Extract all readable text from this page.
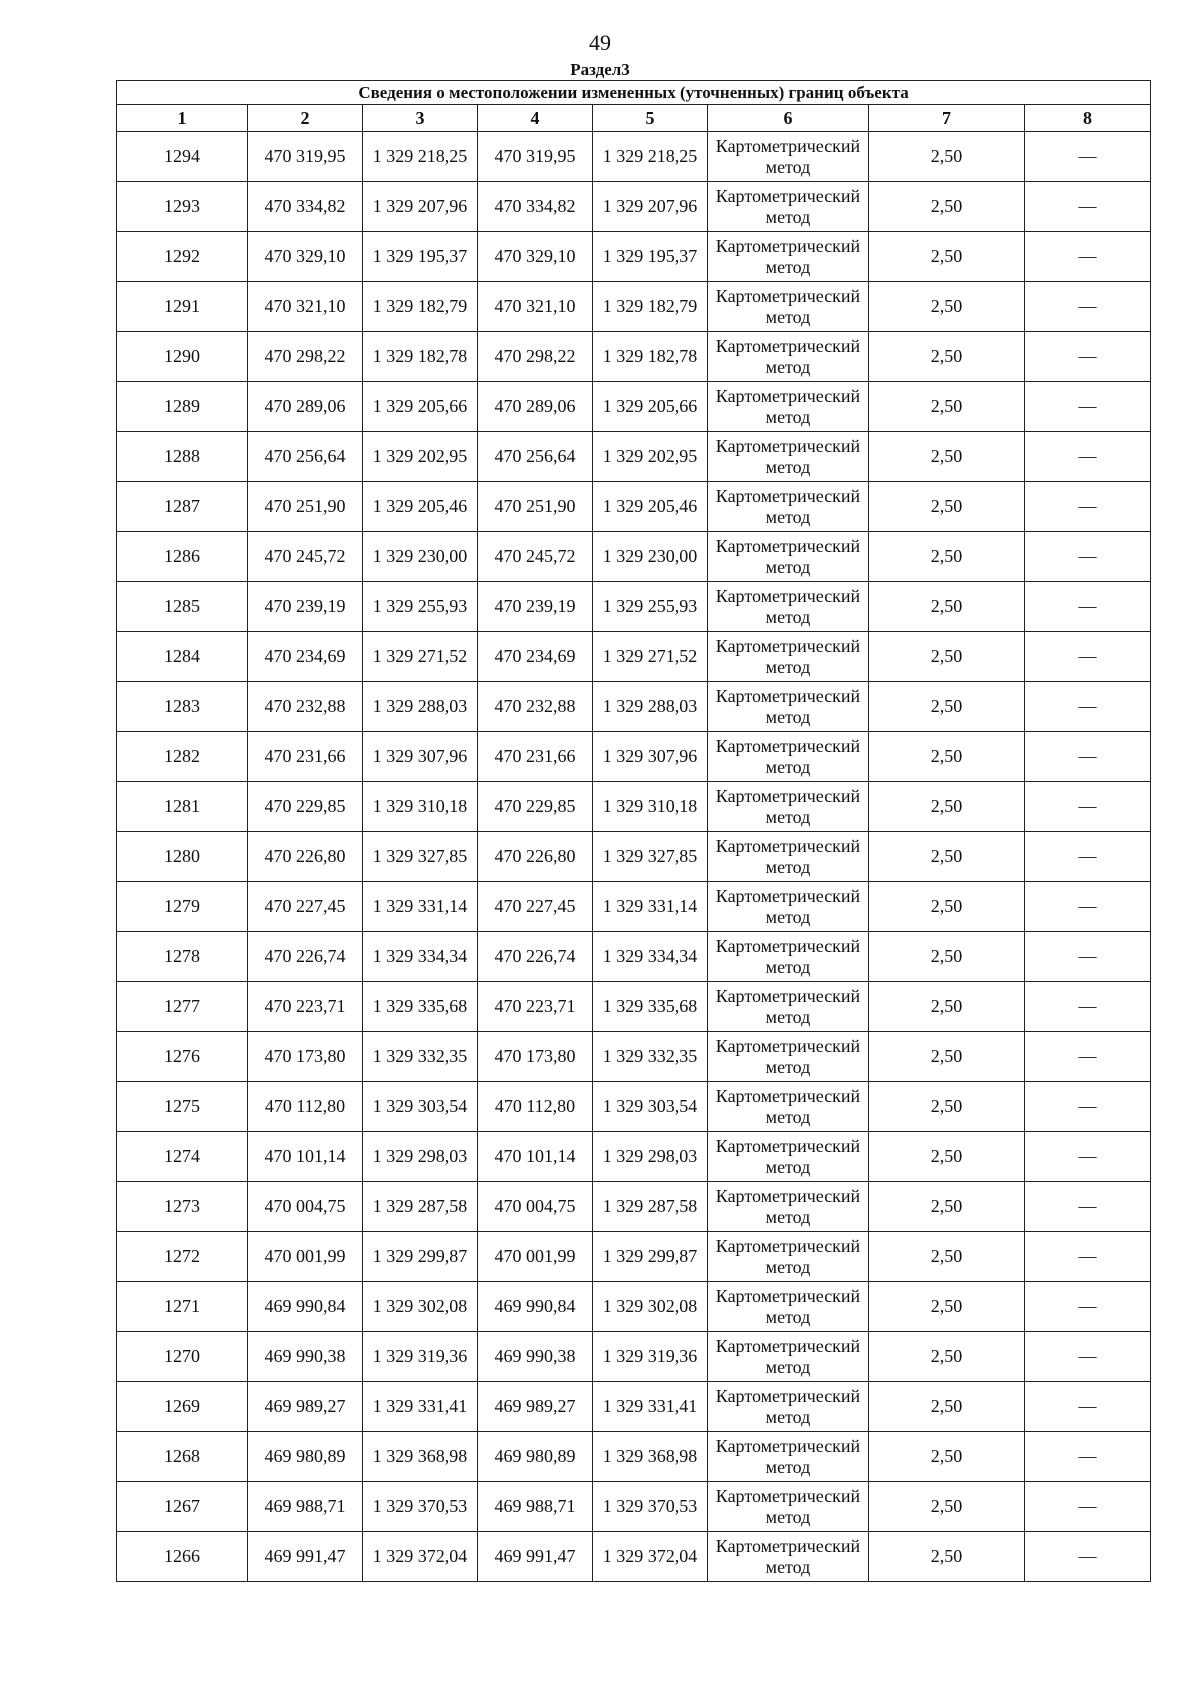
49
Раздел3
Сведения о местоположении измененных (уточненных) границ объекта							
1	2	3	4	5	6	7	8
1294	470 319,95	1 329 218,25	470 319,95	1 329 218,25	Картометрический метод	2,50	—
1293	470 334,82	1 329 207,96	470 334,82	1 329 207,96	Картометрический метод	2,50	—
1292	470 329,10	1 329 195,37	470 329,10	1 329 195,37	Картометрический метод	2,50	—
1291	470 321,10	1 329 182,79	470 321,10	1 329 182,79	Картометрический метод	2,50	—
1290	470 298,22	1 329 182,78	470 298,22	1 329 182,78	Картометрический метод	2,50	—
1289	470 289,06	1 329 205,66	470 289,06	1 329 205,66	Картометрический метод	2,50	—
1288	470 256,64	1 329 202,95	470 256,64	1 329 202,95	Картометрический метод	2,50	—
1287	470 251,90	1 329 205,46	470 251,90	1 329 205,46	Картометрический метод	2,50	—
1286	470 245,72	1 329 230,00	470 245,72	1 329 230,00	Картометрический метод	2,50	—
1285	470 239,19	1 329 255,93	470 239,19	1 329 255,93	Картометрический метод	2,50	—
1284	470 234,69	1 329 271,52	470 234,69	1 329 271,52	Картометрический метод	2,50	—
1283	470 232,88	1 329 288,03	470 232,88	1 329 288,03	Картометрический метод	2,50	—
1282	470 231,66	1 329 307,96	470 231,66	1 329 307,96	Картометрический метод	2,50	—
1281	470 229,85	1 329 310,18	470 229,85	1 329 310,18	Картометрический метод	2,50	—
1280	470 226,80	1 329 327,85	470 226,80	1 329 327,85	Картометрический метод	2,50	—
1279	470 227,45	1 329 331,14	470 227,45	1 329 331,14	Картометрический метод	2,50	—
1278	470 226,74	1 329 334,34	470 226,74	1 329 334,34	Картометрический метод	2,50	—
1277	470 223,71	1 329 335,68	470 223,71	1 329 335,68	Картометрический метод	2,50	—
1276	470 173,80	1 329 332,35	470 173,80	1 329 332,35	Картометрический метод	2,50	—
1275	470 112,80	1 329 303,54	470 112,80	1 329 303,54	Картометрический метод	2,50	—
1274	470 101,14	1 329 298,03	470 101,14	1 329 298,03	Картометрический метод	2,50	—
1273	470 004,75	1 329 287,58	470 004,75	1 329 287,58	Картометрический метод	2,50	—
1272	470 001,99	1 329 299,87	470 001,99	1 329 299,87	Картометрический метод	2,50	—
1271	469 990,84	1 329 302,08	469 990,84	1 329 302,08	Картометрический метод	2,50	—
1270	469 990,38	1 329 319,36	469 990,38	1 329 319,36	Картометрический метод	2,50	—
1269	469 989,27	1 329 331,41	469 989,27	1 329 331,41	Картометрический метод	2,50	—
1268	469 980,89	1 329 368,98	469 980,89	1 329 368,98	Картометрический метод	2,50	—
1267	469 988,71	1 329 370,53	469 988,71	1 329 370,53	Картометрический метод	2,50	—
1266	469 991,47	1 329 372,04	469 991,47	1 329 372,04	Картометрический метод	2,50	—
